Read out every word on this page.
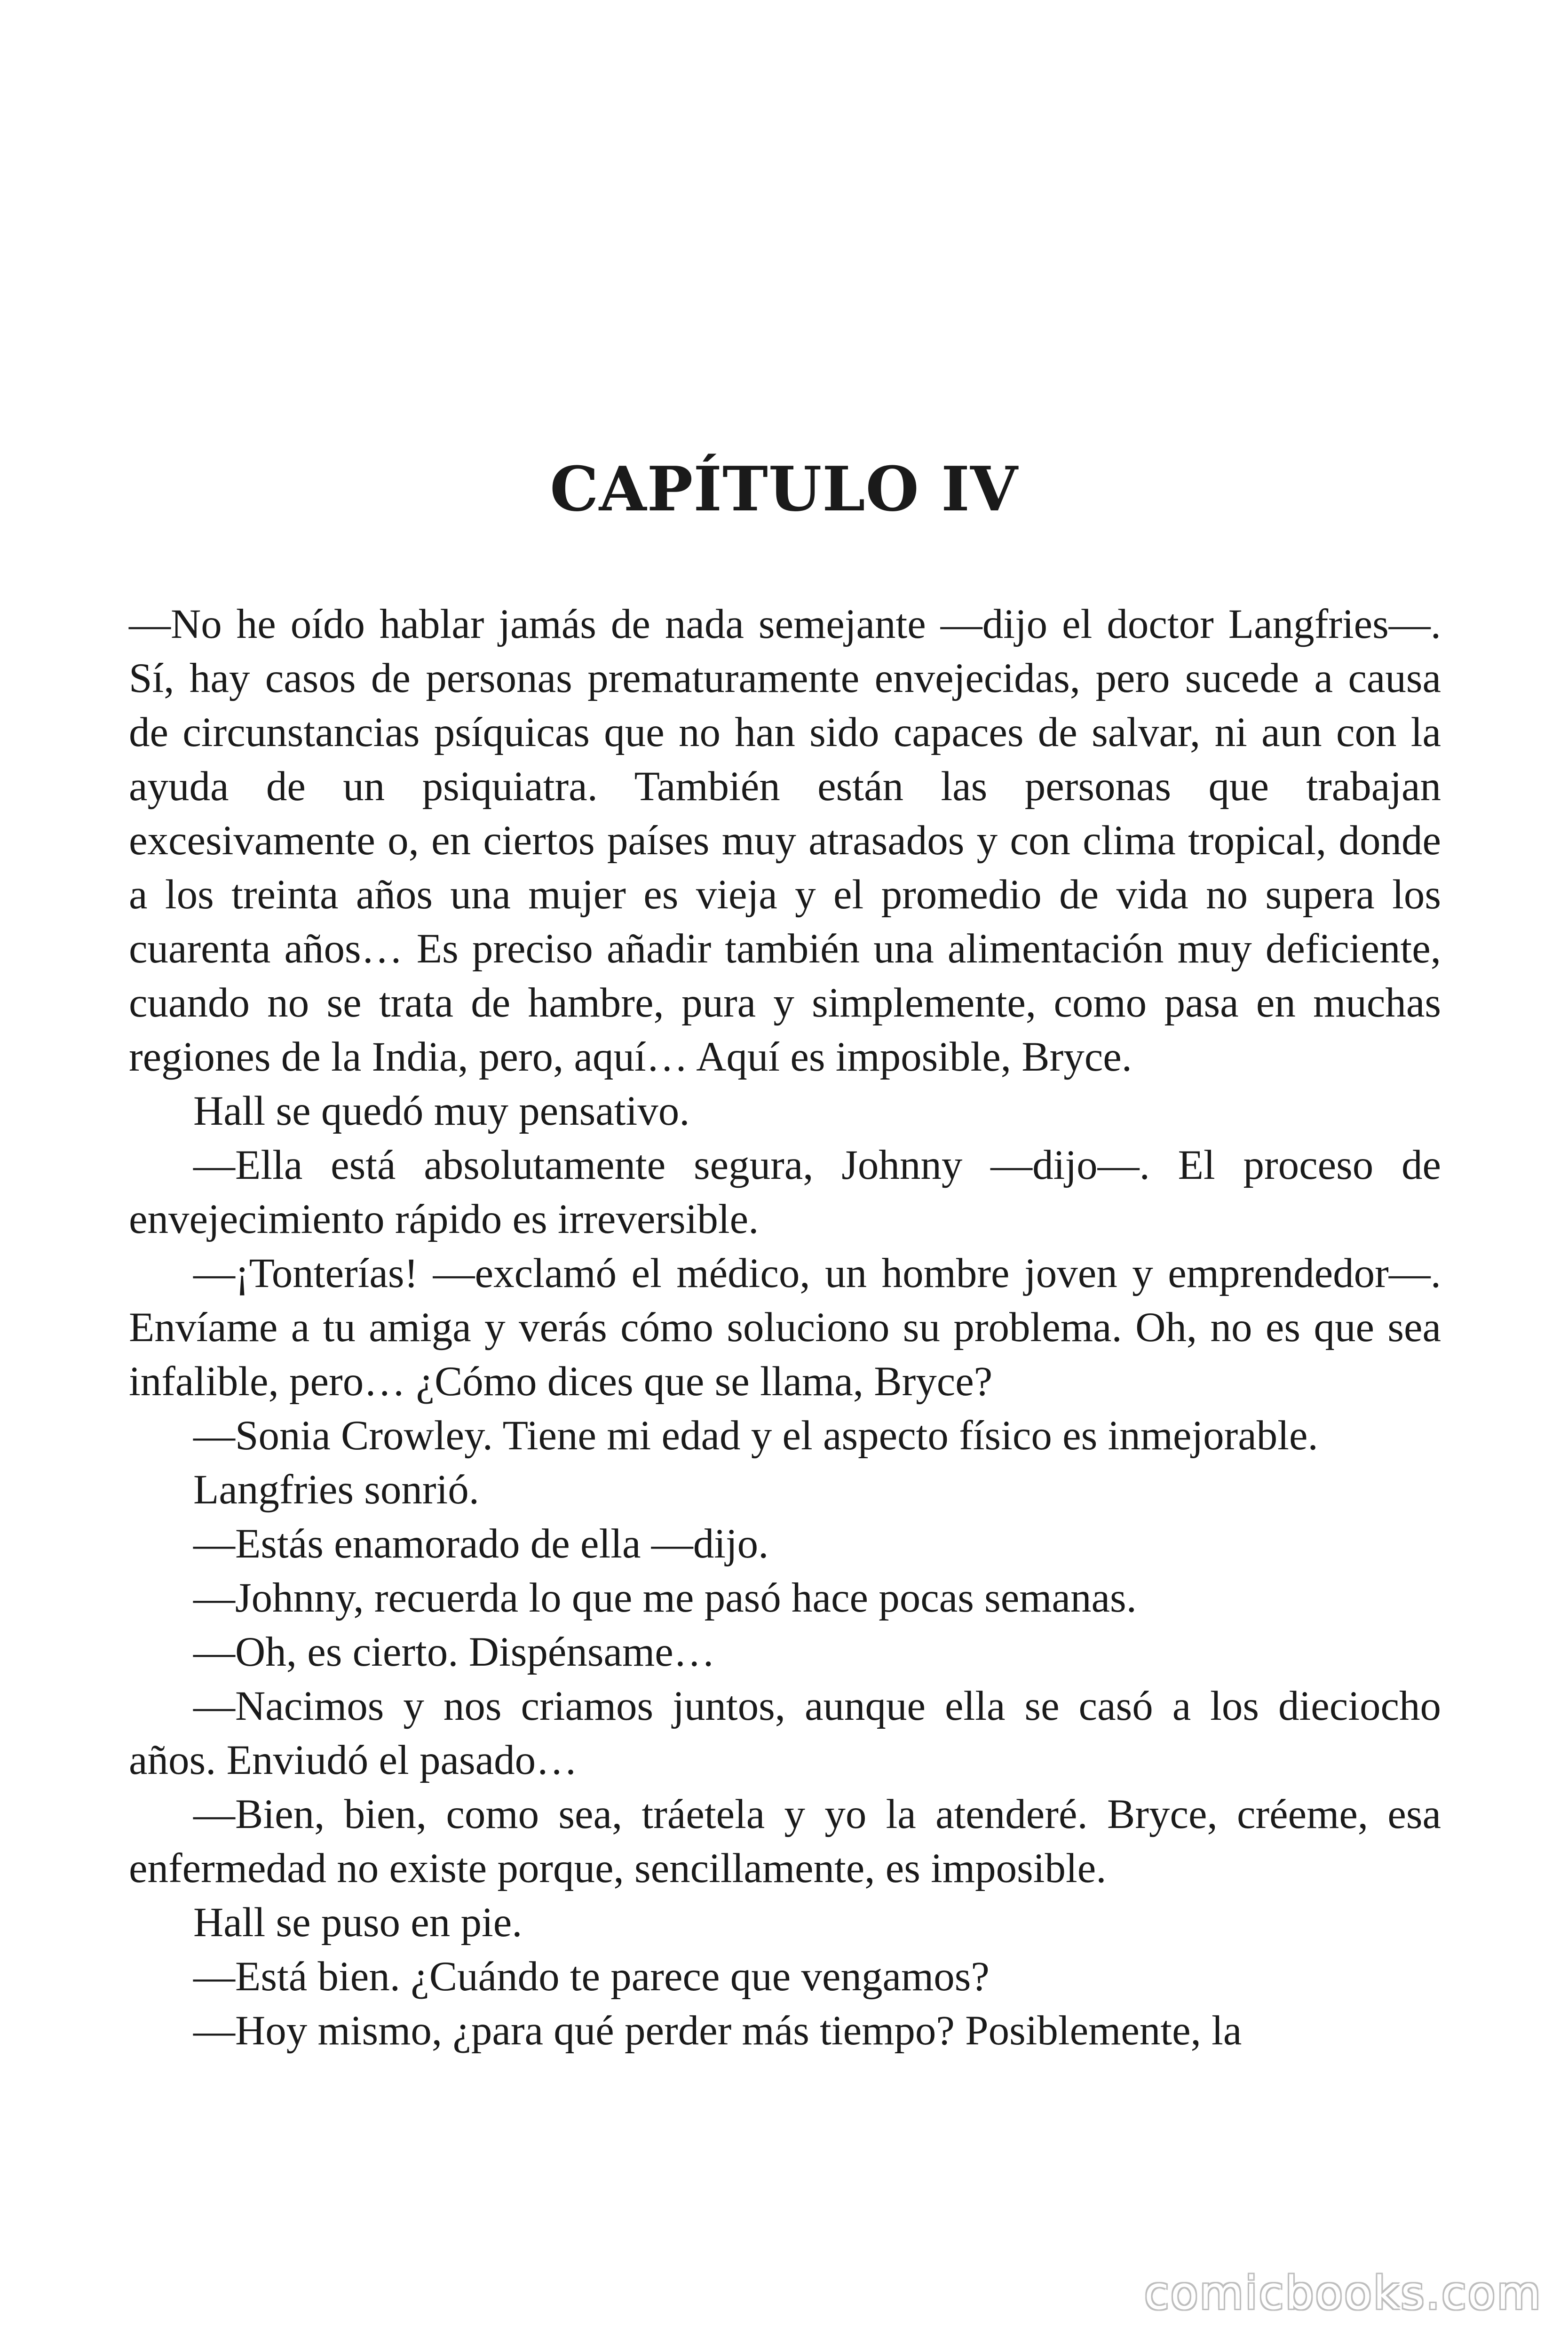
CAPÍTULO IV

—No he oído hablar jamás de nada semejante —dijo el doctor Langfries—. Sí, hay casos de personas prematuramente envejecidas, pero sucede a causa de circunstancias psíquicas que no han sido capaces de salvar, ni aun con la ayuda de un psiquiatra. También están las personas que trabajan excesivamente o, en ciertos países muy atrasados y con clima tropical, donde a los treinta años una mujer es vieja y el promedio de vida no supera los cuarenta años… Es preciso añadir también una alimentación muy deficiente, cuando no se trata de hambre, pura y simplemente, como pasa en muchas regiones de la India, pero, aquí… Aquí es imposible, Bryce.

Hall se quedó muy pensativo.

—Ella está absolutamente segura, Johnny —dijo—. El proceso de envejecimiento rápido es irreversible.

—¡Tonterías! —exclamó el médico, un hombre joven y emprendedor—. Envíame a tu amiga y verás cómo soluciono su problema. Oh, no es que sea infalible, pero… ¿Cómo dices que se llama, Bryce?

—Sonia Crowley. Tiene mi edad y el aspecto físico es inmejorable.

Langfries sonrió.

—Estás enamorado de ella —dijo.

—Johnny, recuerda lo que me pasó hace pocas semanas.

—Oh, es cierto. Dispénsame…

—Nacimos y nos criamos juntos, aunque ella se casó a los dieciocho años. Enviudó el pasado…

—Bien, bien, como sea, tráetela y yo la atenderé. Bryce, créeme, esa enfermedad no existe porque, sencillamente, es imposible.

Hall se puso en pie.

—Está bien. ¿Cuándo te parece que vengamos?

—Hoy mismo, ¿para qué perder más tiempo? Posiblemente, la

comicbooks.com
